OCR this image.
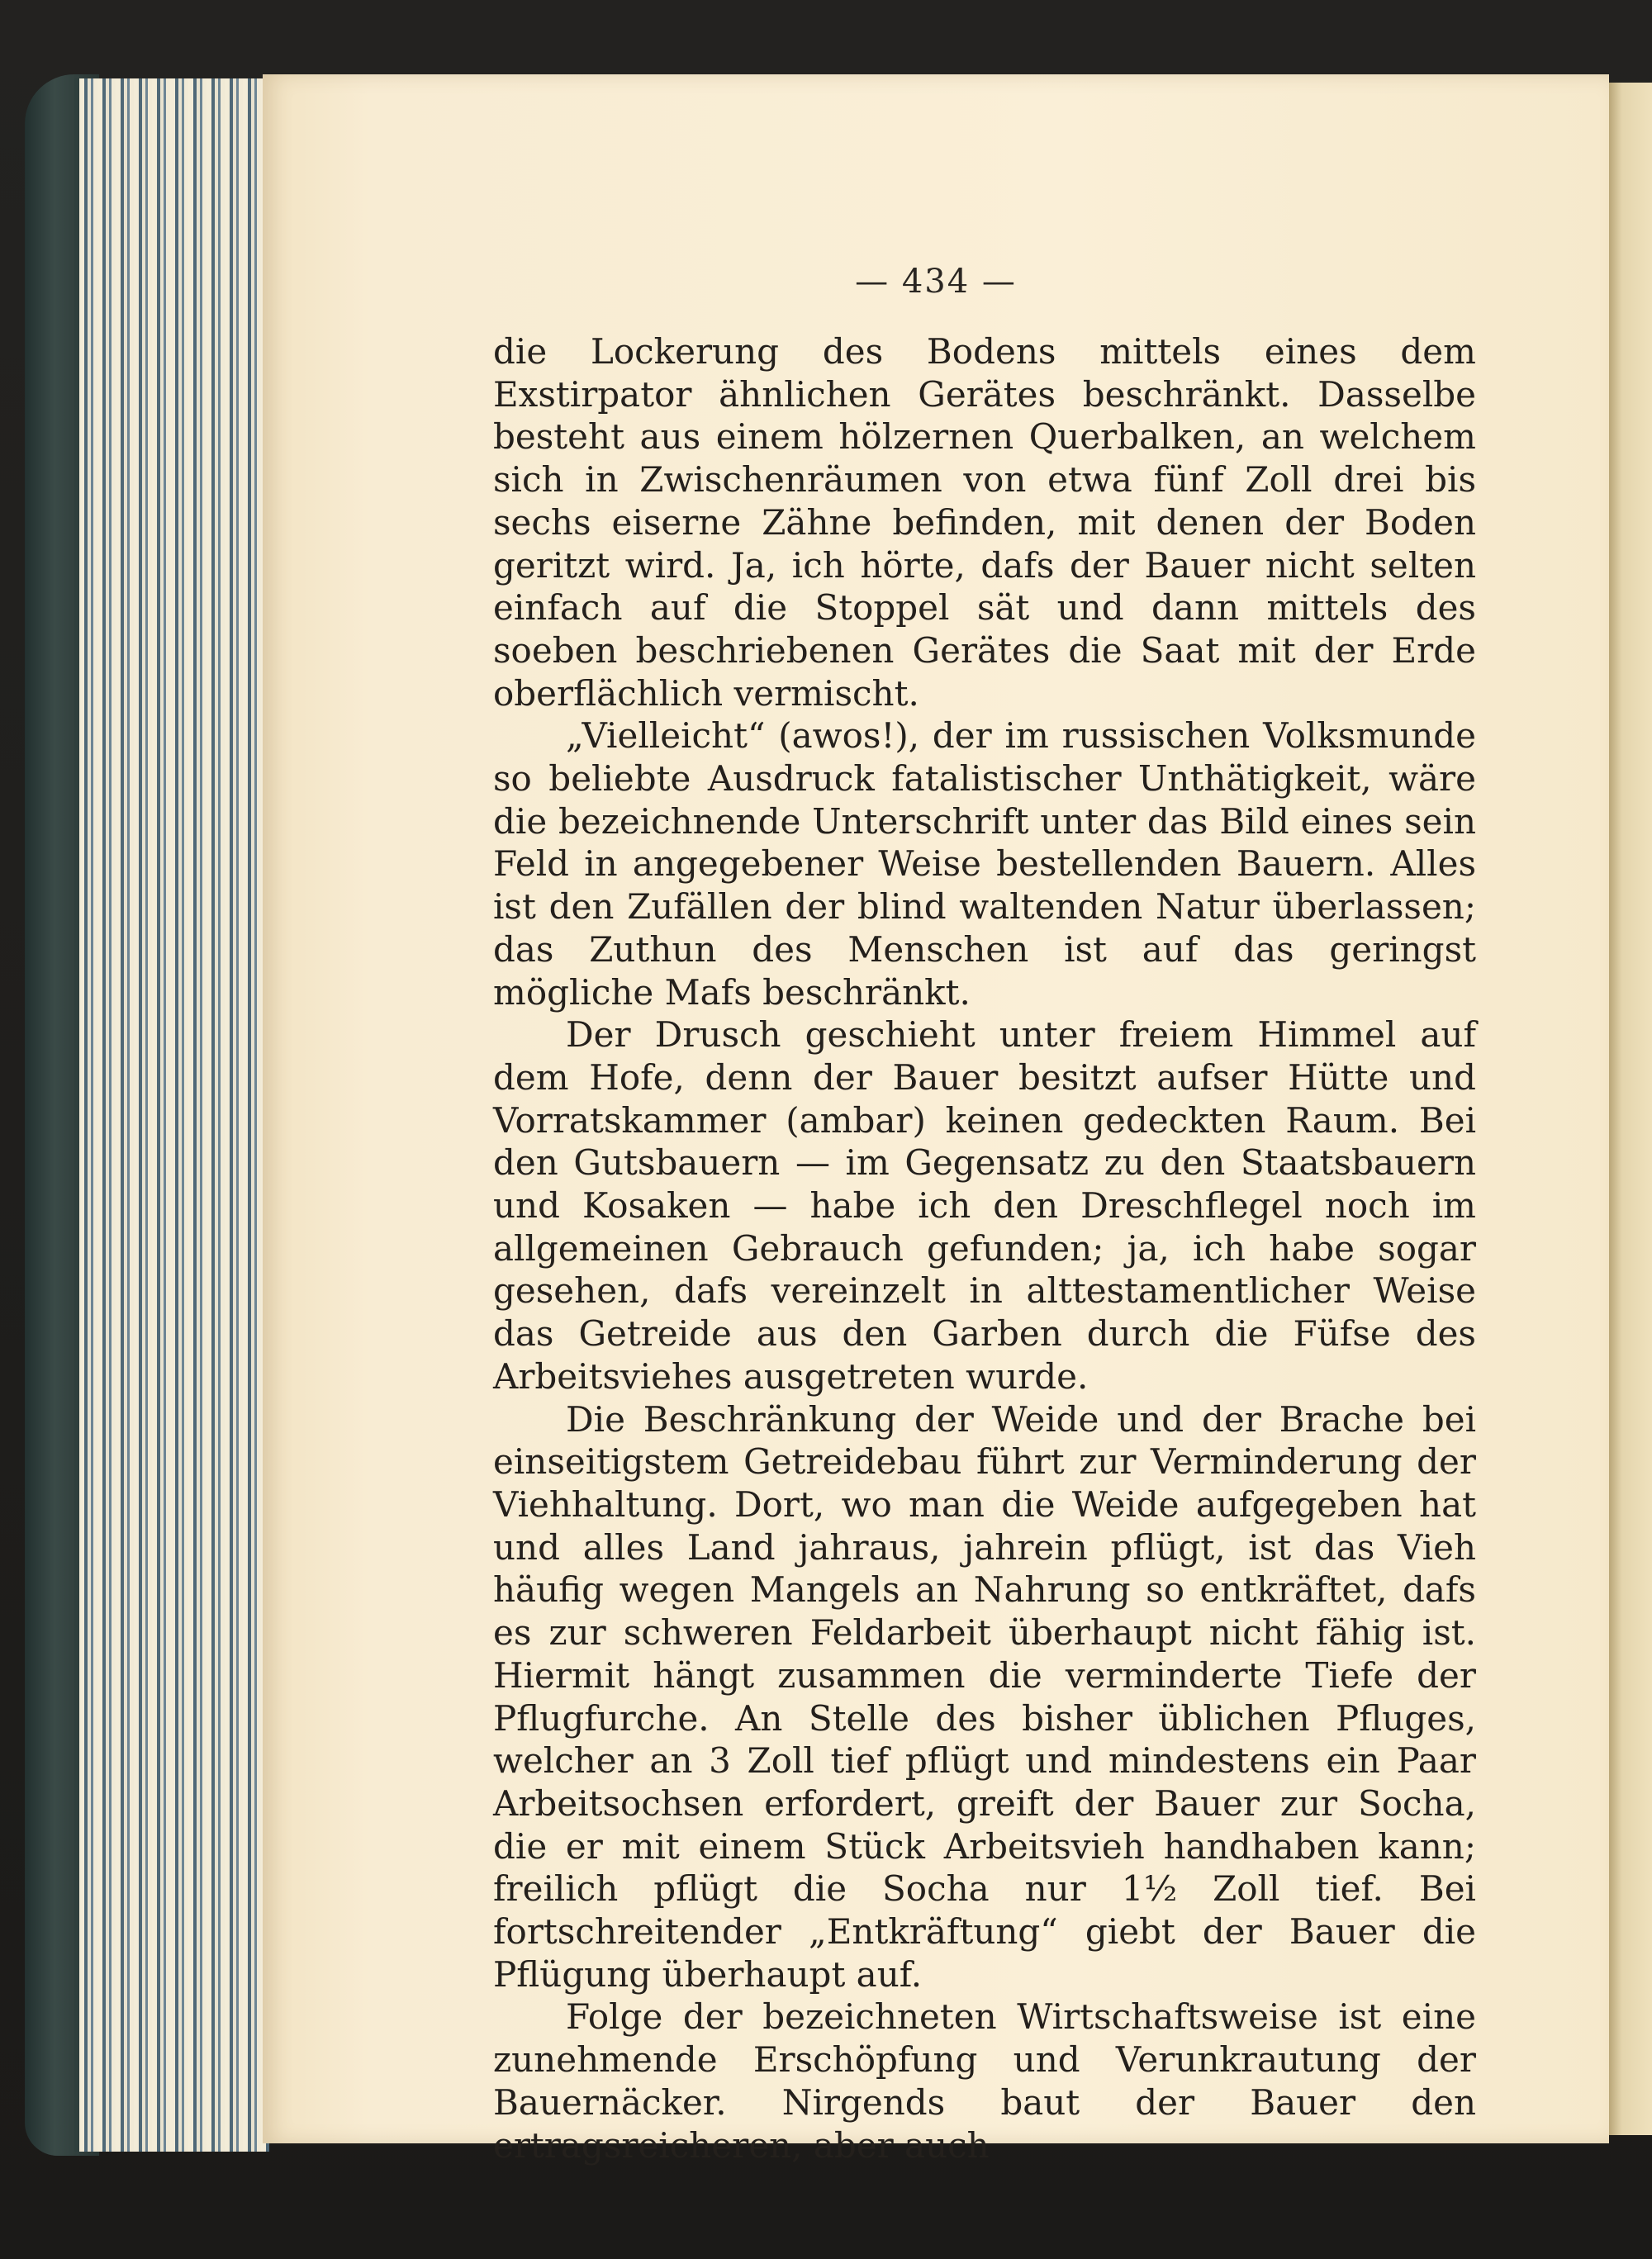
— 434 —

die Lockerung des Bodens mittels eines dem Exstirpator ähnlichen Gerätes beschränkt. Dasselbe besteht aus einem hölzernen Querbalken, an welchem sich in Zwischenräumen von etwa fünf Zoll drei bis sechs eiserne Zähne befinden, mit denen der Boden geritzt wird. Ja, ich hörte, dafs der Bauer nicht selten einfach auf die Stoppel sät und dann mittels des soeben beschriebenen Gerätes die Saat mit der Erde oberflächlich vermischt.

„Vielleicht“ (awos!), der im russischen Volksmunde so beliebte Ausdruck fatalistischer Unthätigkeit, wäre die bezeichnende Unterschrift unter das Bild eines sein Feld in angegebener Weise bestellenden Bauern. Alles ist den Zufällen der blind waltenden Natur überlassen; das Zuthun des Menschen ist auf das geringst mögliche Mafs beschränkt.

Der Drusch geschieht unter freiem Himmel auf dem Hofe, denn der Bauer besitzt aufser Hütte und Vorratskammer (ambar) keinen gedeckten Raum. Bei den Gutsbauern — im Gegensatz zu den Staatsbauern und Kosaken — habe ich den Dreschflegel noch im allgemeinen Gebrauch gefunden; ja, ich habe sogar gesehen, dafs vereinzelt in alttestamentlicher Weise das Getreide aus den Garben durch die Füfse des Arbeitsviehes ausgetreten wurde.

Die Beschränkung der Weide und der Brache bei einseitigstem Getreidebau führt zur Verminderung der Viehhaltung. Dort, wo man die Weide aufgegeben hat und alles Land jahraus, jahrein pflügt, ist das Vieh häufig wegen Mangels an Nahrung so entkräftet, dafs es zur schweren Feldarbeit überhaupt nicht fähig ist. Hiermit hängt zusammen die verminderte Tiefe der Pflugfurche. An Stelle des bisher üblichen Pfluges, welcher an 3 Zoll tief pflügt und mindestens ein Paar Arbeitsochsen erfordert, greift der Bauer zur Socha, die er mit einem Stück Arbeitsvieh handhaben kann; freilich pflügt die Socha nur 1½ Zoll tief. Bei fortschreitender „Entkräftung“ giebt der Bauer die Pflügung überhaupt auf.

Folge der bezeichneten Wirtschaftsweise ist eine zunehmende Erschöpfung und Verunkrautung der Bauernäcker. Nirgends baut der Bauer den ertragsreicheren, aber auch
